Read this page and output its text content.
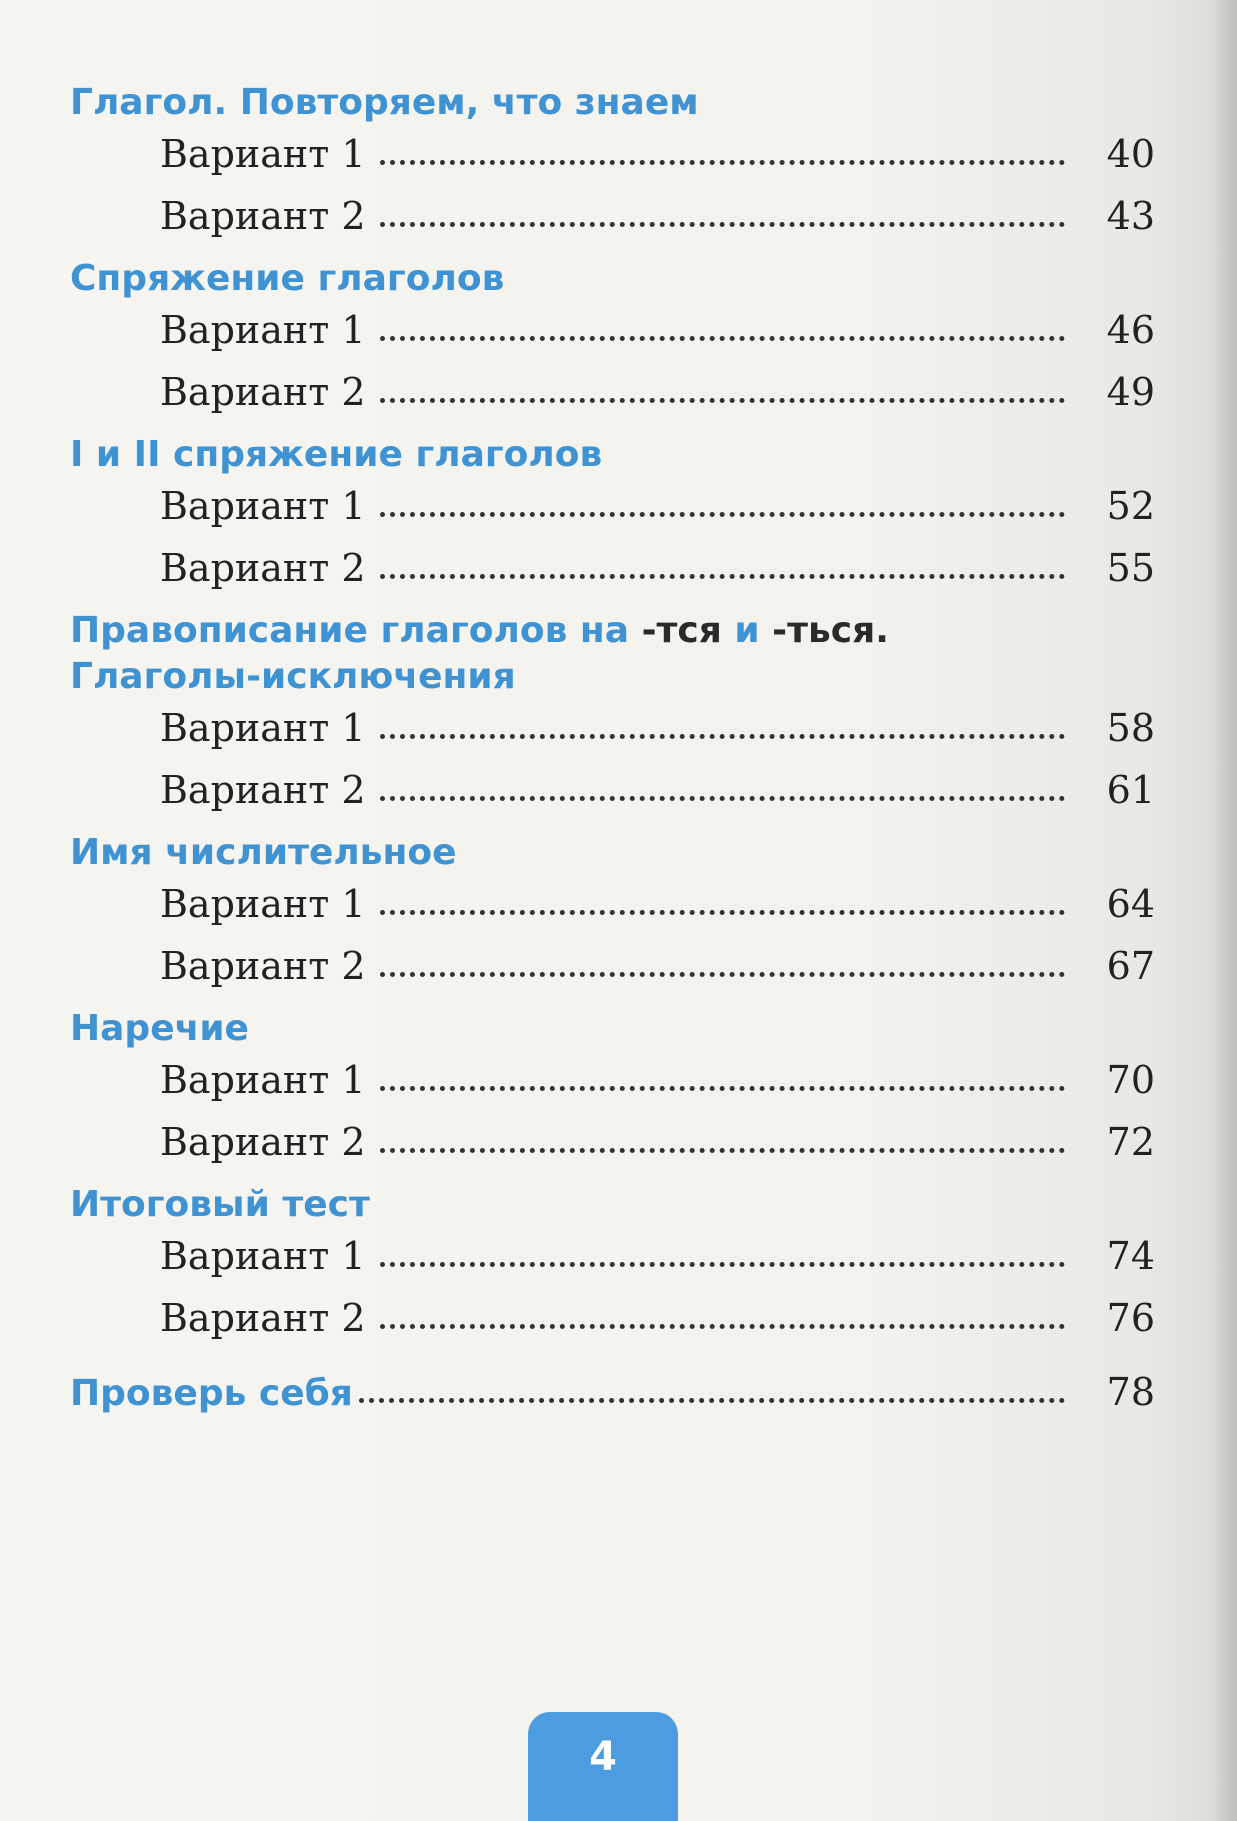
Глагол. Повторяем, что знаем
Вариант 1	40
Вариант 2	43
Спряжение глаголов
Вариант 1	46
Вариант 2	49
I и II спряжение глаголов
Вариант 1	52
Вариант 2	55
Правописание глаголов на -тся и -ться.
Глаголы-исключения
Вариант 1	58
Вариант 2	61
Имя числительное
Вариант 1	64
Вариант 2	67
Наречие
Вариант 1	70
Вариант 2	72
Итоговый тест
Вариант 1	74
Вариант 2	76
Проверь себя	78
4
